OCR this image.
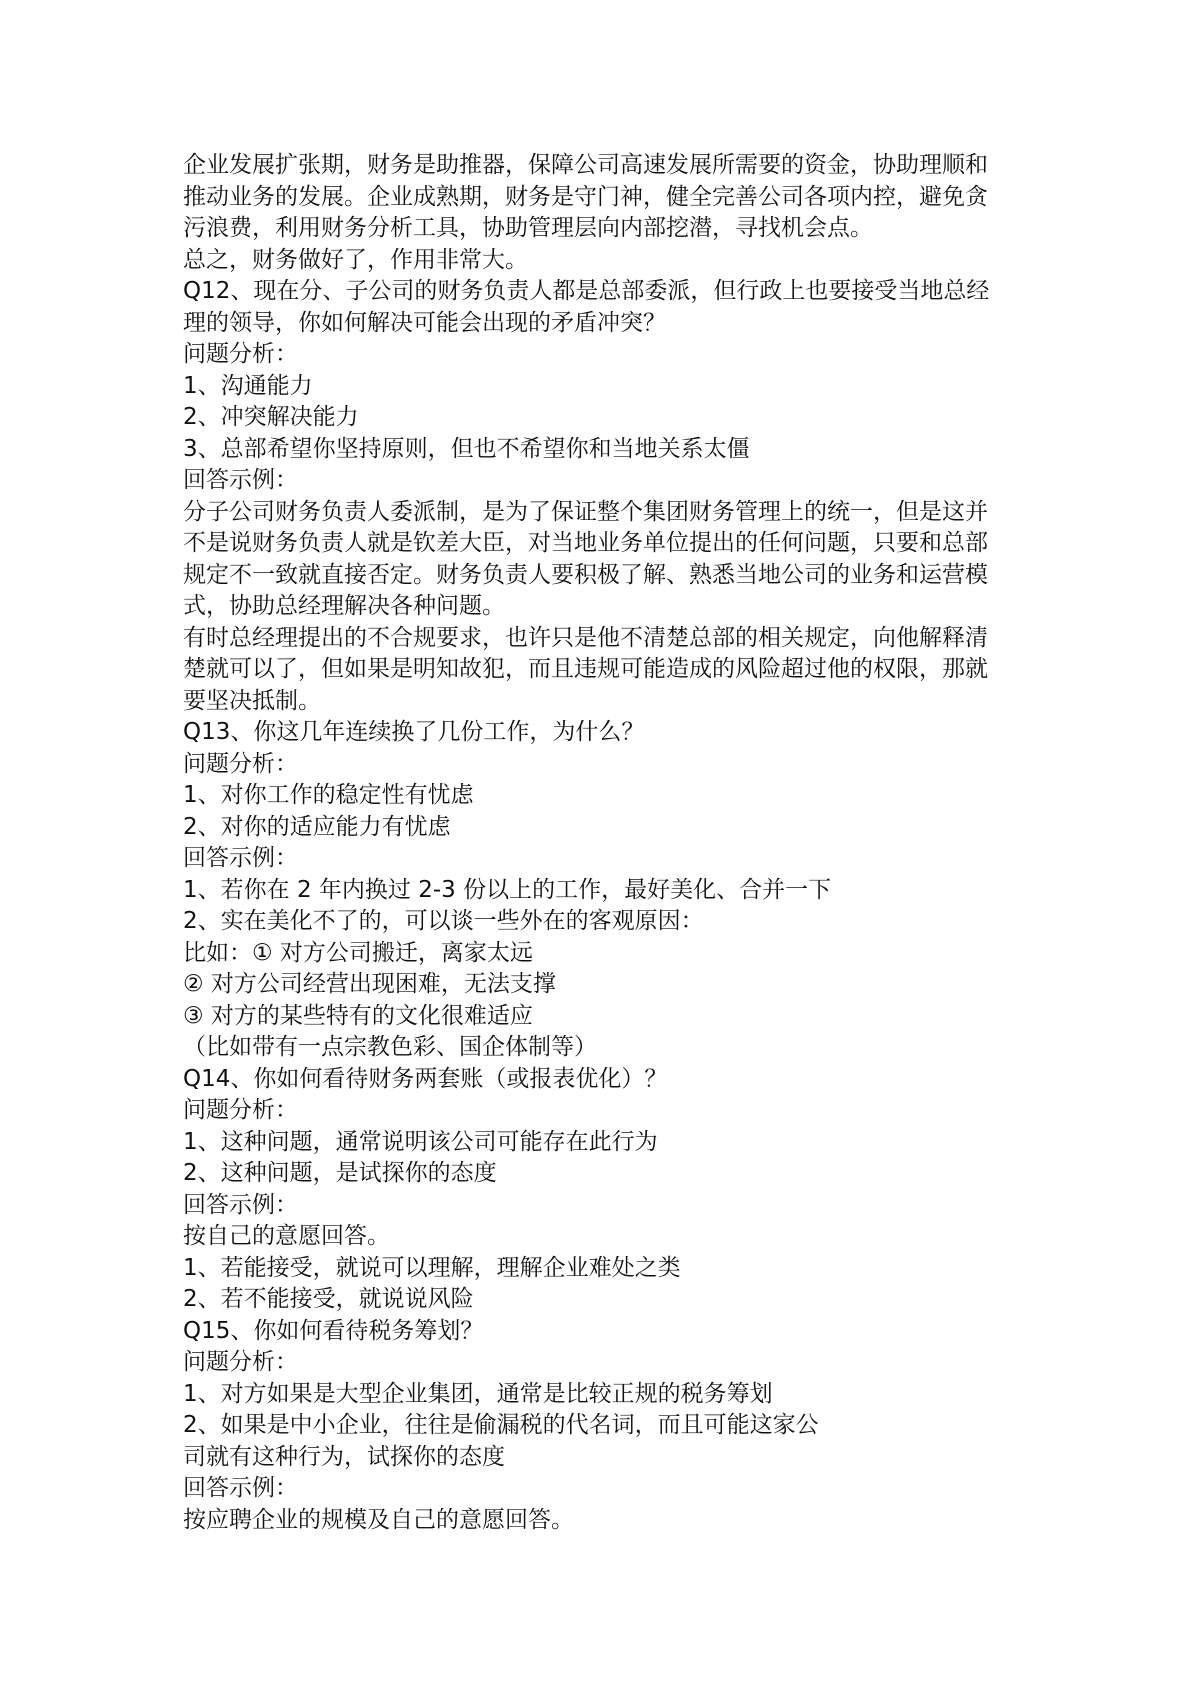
企业发展扩张期，财务是助推器，保障公司高速发展所需要的资金，协助理顺和
推动业务的发展。企业成熟期，财务是守门神，健全完善公司各项内控，避免贪
污浪费，利用财务分析工具，协助管理层向内部挖潜，寻找机会点。
总之，财务做好了，作用非常大。
Q12、现在分、子公司的财务负责人都是总部委派，但行政上也要接受当地总经
理的领导，你如何解决可能会出现的矛盾冲突？
问题分析：
1、沟通能力
2、冲突解决能力
3、总部希望你坚持原则，但也不希望你和当地关系太僵
回答示例：
分子公司财务负责人委派制，是为了保证整个集团财务管理上的统一，但是这并
不是说财务负责人就是钦差大臣，对当地业务单位提出的任何问题，只要和总部
规定不一致就直接否定。财务负责人要积极了解、熟悉当地公司的业务和运营模
式，协助总经理解决各种问题。
有时总经理提出的不合规要求，也许只是他不清楚总部的相关规定，向他解释清
楚就可以了，但如果是明知故犯，而且违规可能造成的风险超过他的权限，那就
要坚决抵制。
Q13、你这几年连续换了几份工作，为什么？
问题分析：
1、对你工作的稳定性有忧虑
2、对你的适应能力有忧虑
回答示例：
1、若你在 2 年内换过 2-3 份以上的工作，最好美化、合并一下
2、实在美化不了的，可以谈一些外在的客观原因：
比如：① 对方公司搬迁，离家太远
② 对方公司经营出现困难，无法支撑
③ 对方的某些特有的文化很难适应
（比如带有一点宗教色彩、国企体制等）
Q14、你如何看待财务两套账（或报表优化）？
问题分析：
1、这种问题，通常说明该公司可能存在此行为
2、这种问题，是试探你的态度
回答示例：
按自己的意愿回答。
1、若能接受，就说可以理解，理解企业难处之类
2、若不能接受，就说说风险
Q15、你如何看待税务筹划？
问题分析：
1、对方如果是大型企业集团，通常是比较正规的税务筹划
2、如果是中小企业，往往是偷漏税的代名词，而且可能这家公
司就有这种行为，试探你的态度
回答示例：
按应聘企业的规模及自己的意愿回答。
